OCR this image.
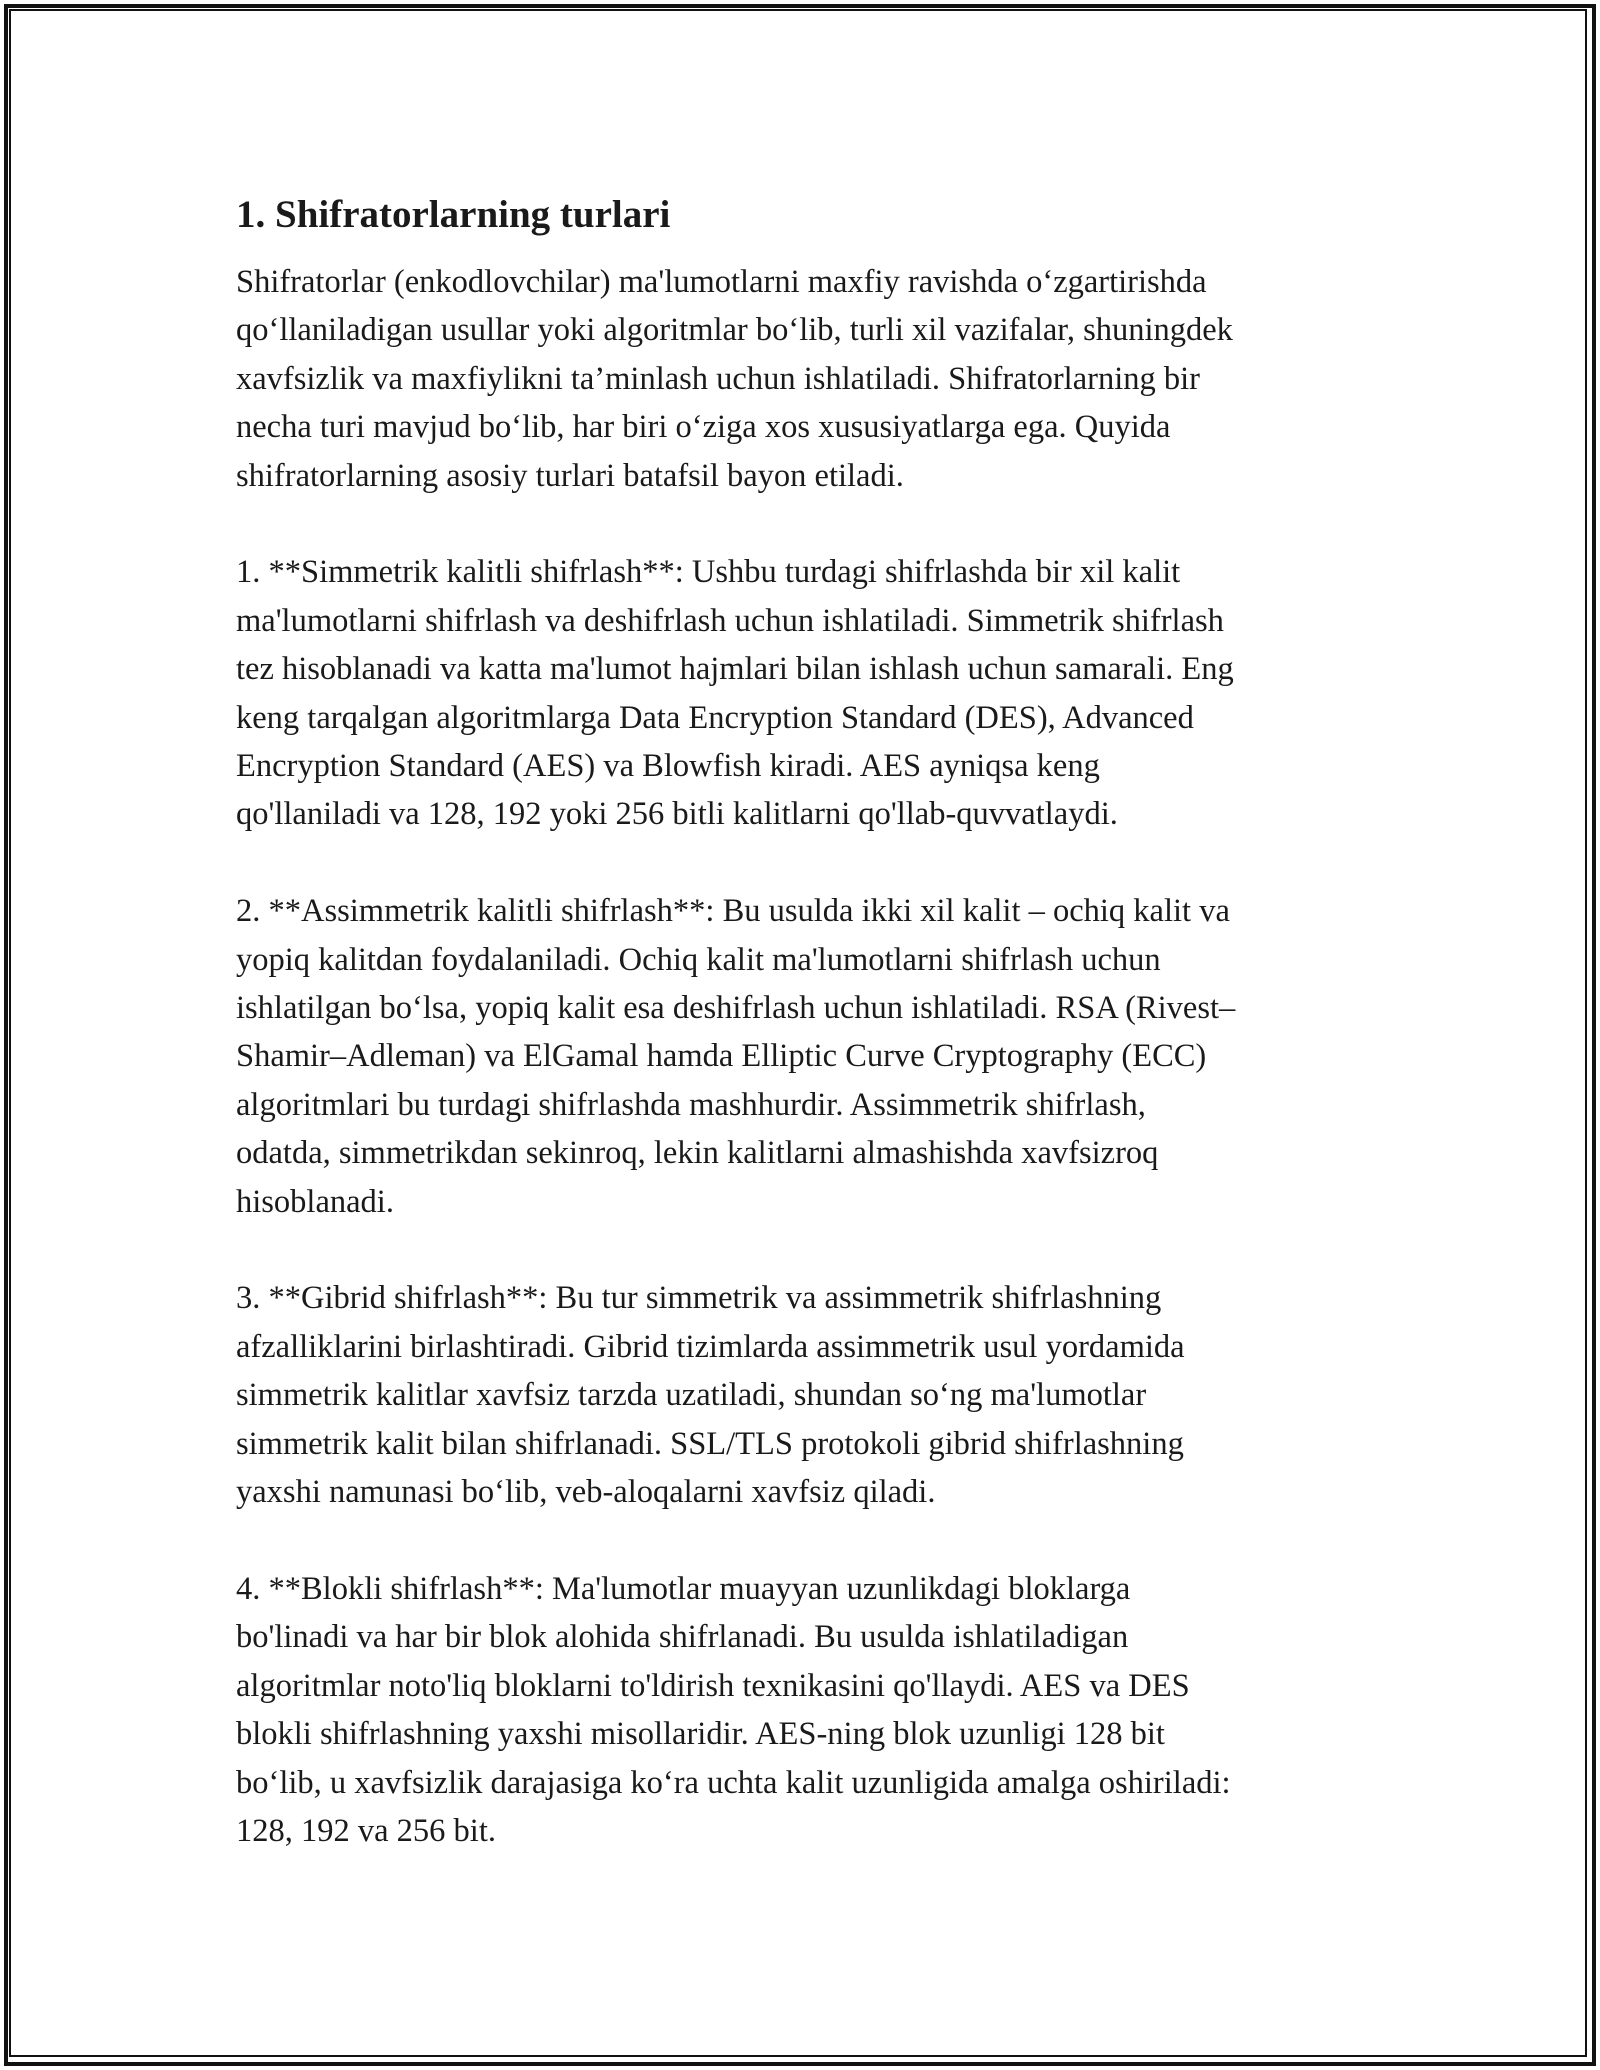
1. Shifratorlarning turlari

Shifratorlar (enkodlovchilar) ma'lumotlarni maxfiy ravishda o‘zgartirishda
qo‘llaniladigan usullar yoki algoritmlar bo‘lib, turli xil vazifalar, shuningdek
xavfsizlik va maxfiylikni ta’minlash uchun ishlatiladi. Shifratorlarning bir
necha turi mavjud bo‘lib, har biri o‘ziga xos xususiyatlarga ega. Quyida
shifratorlarning asosiy turlari batafsil bayon etiladi.

1. **Simmetrik kalitli shifrlash**: Ushbu turdagi shifrlashda bir xil kalit
ma'lumotlarni shifrlash va deshifrlash uchun ishlatiladi. Simmetrik shifrlash
tez hisoblanadi va katta ma'lumot hajmlari bilan ishlash uchun samarali. Eng
keng tarqalgan algoritmlarga Data Encryption Standard (DES), Advanced
Encryption Standard (AES) va Blowfish kiradi. AES ayniqsa keng
qo'llaniladi va 128, 192 yoki 256 bitli kalitlarni qo'llab-quvvatlaydi.

2. **Assimmetrik kalitli shifrlash**: Bu usulda ikki xil kalit – ochiq kalit va
yopiq kalitdan foydalaniladi. Ochiq kalit ma'lumotlarni shifrlash uchun
ishlatilgan bo‘lsa, yopiq kalit esa deshifrlash uchun ishlatiladi. RSA (Rivest–
Shamir–Adleman) va ElGamal hamda Elliptic Curve Cryptography (ECC)
algoritmlari bu turdagi shifrlashda mashhurdir. Assimmetrik shifrlash,
odatda, simmetrikdan sekinroq, lekin kalitlarni almashishda xavfsizroq
hisoblanadi.

3. **Gibrid shifrlash**: Bu tur simmetrik va assimmetrik shifrlashning
afzalliklarini birlashtiradi. Gibrid tizimlarda assimmetrik usul yordamida
simmetrik kalitlar xavfsiz tarzda uzatiladi, shundan so‘ng ma'lumotlar
simmetrik kalit bilan shifrlanadi. SSL/TLS protokoli gibrid shifrlashning
yaxshi namunasi bo‘lib, veb-aloqalarni xavfsiz qiladi.

4. **Blokli shifrlash**: Ma'lumotlar muayyan uzunlikdagi bloklarga
bo'linadi va har bir blok alohida shifrlanadi. Bu usulda ishlatiladigan
algoritmlar noto'liq bloklarni to'ldirish texnikasini qo'llaydi. AES va DES
blokli shifrlashning yaxshi misollaridir. AES-ning blok uzunligi 128 bit
bo‘lib, u xavfsizlik darajasiga ko‘ra uchta kalit uzunligida amalga oshiriladi:
128, 192 va 256 bit.
